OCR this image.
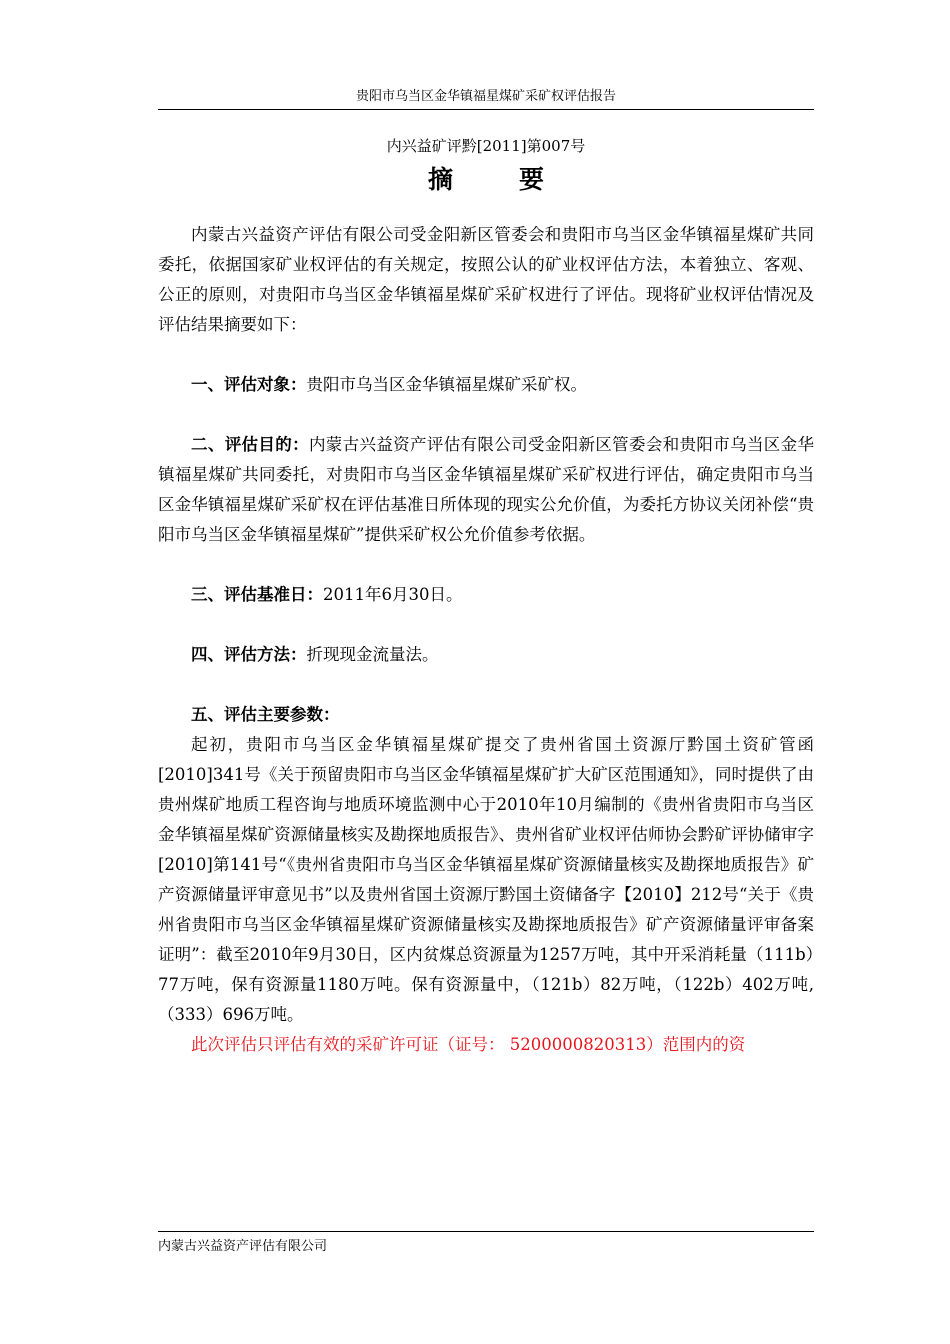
贵阳市乌当区金华镇福星煤矿采矿权评估报告
内兴益矿评黔[2011]第007号
摘要

内蒙古兴益资产评估有限公司受金阳新区管委会和贵阳市乌当区金华镇福星煤矿共同委托，依据国家矿业权评估的有关规定，按照公认的矿业权评估方法，本着独立、客观、公正的原则，对贵阳市乌当区金华镇福星煤矿采矿权进行了评估。现将矿业权评估情况及评估结果摘要如下：

一、评估对象：贵阳市乌当区金华镇福星煤矿采矿权。

二、评估目的：内蒙古兴益资产评估有限公司受金阳新区管委会和贵阳市乌当区金华镇福星煤矿共同委托，对贵阳市乌当区金华镇福星煤矿采矿权进行评估，确定贵阳市乌当区金华镇福星煤矿采矿权在评估基准日所体现的现实公允价值，为委托方协议关闭补偿“贵阳市乌当区金华镇福星煤矿”提供采矿权公允价值参考依据。

三、评估基准日：2011年6月30日。

四、评估方法：折现现金流量法。

五、评估主要参数：

起初，贵阳市乌当区金华镇福星煤矿提交了贵州省国土资源厅黔国土资矿管函[2010]341号《关于预留贵阳市乌当区金华镇福星煤矿扩大矿区范围通知》，同时提供了由贵州煤矿地质工程咨询与地质环境监测中心于2010年10月编制的《贵州省贵阳市乌当区金华镇福星煤矿资源储量核实及勘探地质报告》、贵州省矿业权评估师协会黔矿评协储审字[2010]第141号“《贵州省贵阳市乌当区金华镇福星煤矿资源储量核实及勘探地质报告》矿产资源储量评审意见书”以及贵州省国土资源厅黔国土资储备字【2010】212号“关于《贵州省贵阳市乌当区金华镇福星煤矿资源储量核实及勘探地质报告》矿产资源储量评审备案证明”：截至2010年9月30日，区内贫煤总资源量为1257万吨，其中开采消耗量（111b）77万吨，保有资源量1180万吨。保有资源量中，（121b）82万吨，（122b）402万吨,（333）696万吨。

此次评估只评估有效的采矿许可证（证号： 5200000820313）范围内的资

内蒙古兴益资产评估有限公司
